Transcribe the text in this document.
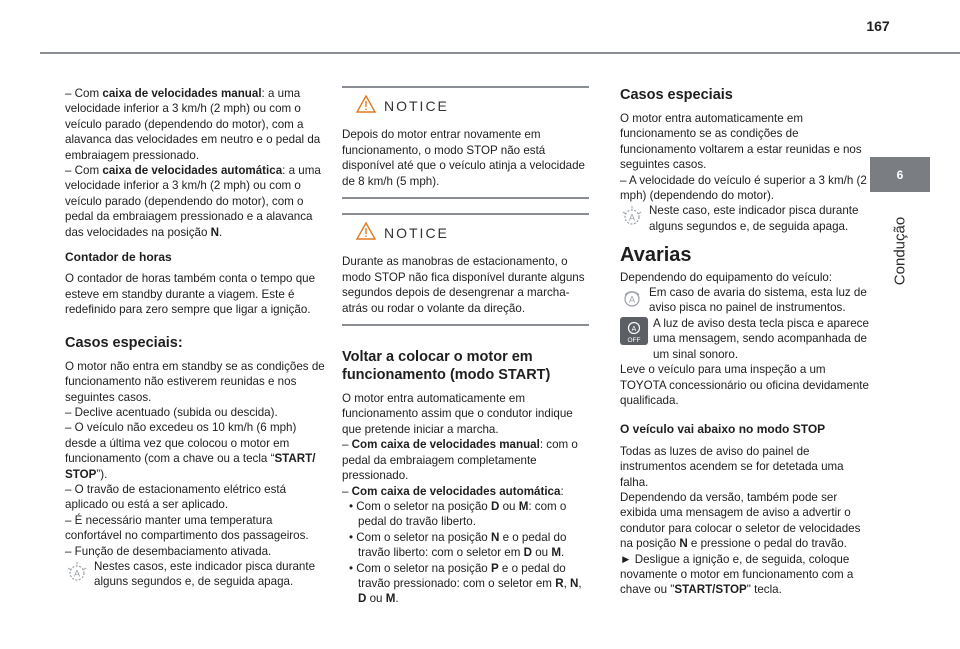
167
6
Condução

– Com caixa de velocidades manual: a uma velocidade inferior a 3 km/h (2 mph) ou com o veículo parado (dependendo do motor), com a alavanca das velocidades em neutro e o pedal da embraiagem pressionado.

– Com caixa de velocidades automática: a uma velocidade inferior a 3 km/h (2 mph) ou com o veículo parado (dependendo do motor), com o pedal da embraiagem pressionado e a alavanca das velocidades na posição N.

Contador de horas

O contador de horas também conta o tempo que esteve em standby durante a viagem. Este é redefinido para zero sempre que ligar a ignição.

Casos especiais:

O motor não entra em standby se as condições de funcionamento não estiverem reunidas e nos seguintes casos.

– Declive acentuado (subida ou descida).

– O veículo não excedeu os 10 km/h (6 mph) desde a última vez que colocou o motor em funcionamento (com a chave ou a tecla “START/ STOP”).

– O travão de estacionamento elétrico está aplicado ou está a ser aplicado.

– É necessário manter uma temperatura confortável no compartimento dos passageiros.

– Função de desembaciamento ativada.

A
Nestes casos, este indicador pisca durante alguns segundos e, de seguida apaga.

NOTICE

Depois do motor entrar novamente em funcionamento, o modo STOP não está disponível até que o veículo atinja a velocidade de 8 km/h (5 mph).

NOTICE

Durante as manobras de estacionamento, o modo STOP não fica disponível durante alguns segundos depois de desengrenar a marcha-atrás ou rodar o volante da direção.

Voltar a colocar o motor em funcionamento (modo START)

O motor entra automaticamente em funcionamento assim que o condutor indique que pretende iniciar a marcha.

– Com caixa de velocidades manual: com o pedal da embraiagem completamente pressionado.

– Com caixa de velocidades automática:

• Com o seletor na posição D ou M: com o pedal do travão liberto.

• Com o seletor na posição N e o pedal do travão liberto: com o seletor em D ou M.

• Com o seletor na posição P e o pedal do travão pressionado: com o seletor em R, N, D ou M.

Casos especiais

O motor entra automaticamente em funcionamento se as condições de funcionamento voltarem a estar reunidas e nos seguintes casos.

– A velocidade do veículo é superior a 3 km/h (2 mph) (dependendo do motor).

A
Neste caso, este indicador pisca durante alguns segundos e, de seguida apaga.

Avarias

Dependendo do equipamento do veículo:

A
Em caso de avaria do sistema, esta luz de aviso pisca no painel de instrumentos.

A
OFF
A luz de aviso desta tecla pisca e aparece uma mensagem, sendo acompanhada de um sinal sonoro.

Leve o veículo para uma inspeção a um TOYOTA concessionário ou oficina devidamente qualificada.

O veículo vai abaixo no modo STOP

Todas as luzes de aviso do painel de instrumentos acendem se for detetada uma falha.

Dependendo da versão, também pode ser exibida uma mensagem de aviso a advertir o condutor para colocar o seletor de velocidades na posição N e pressione o pedal do travão.

► Desligue a ignição e, de seguida, coloque novamente o motor em funcionamento com a chave ou "START/STOP" tecla.
